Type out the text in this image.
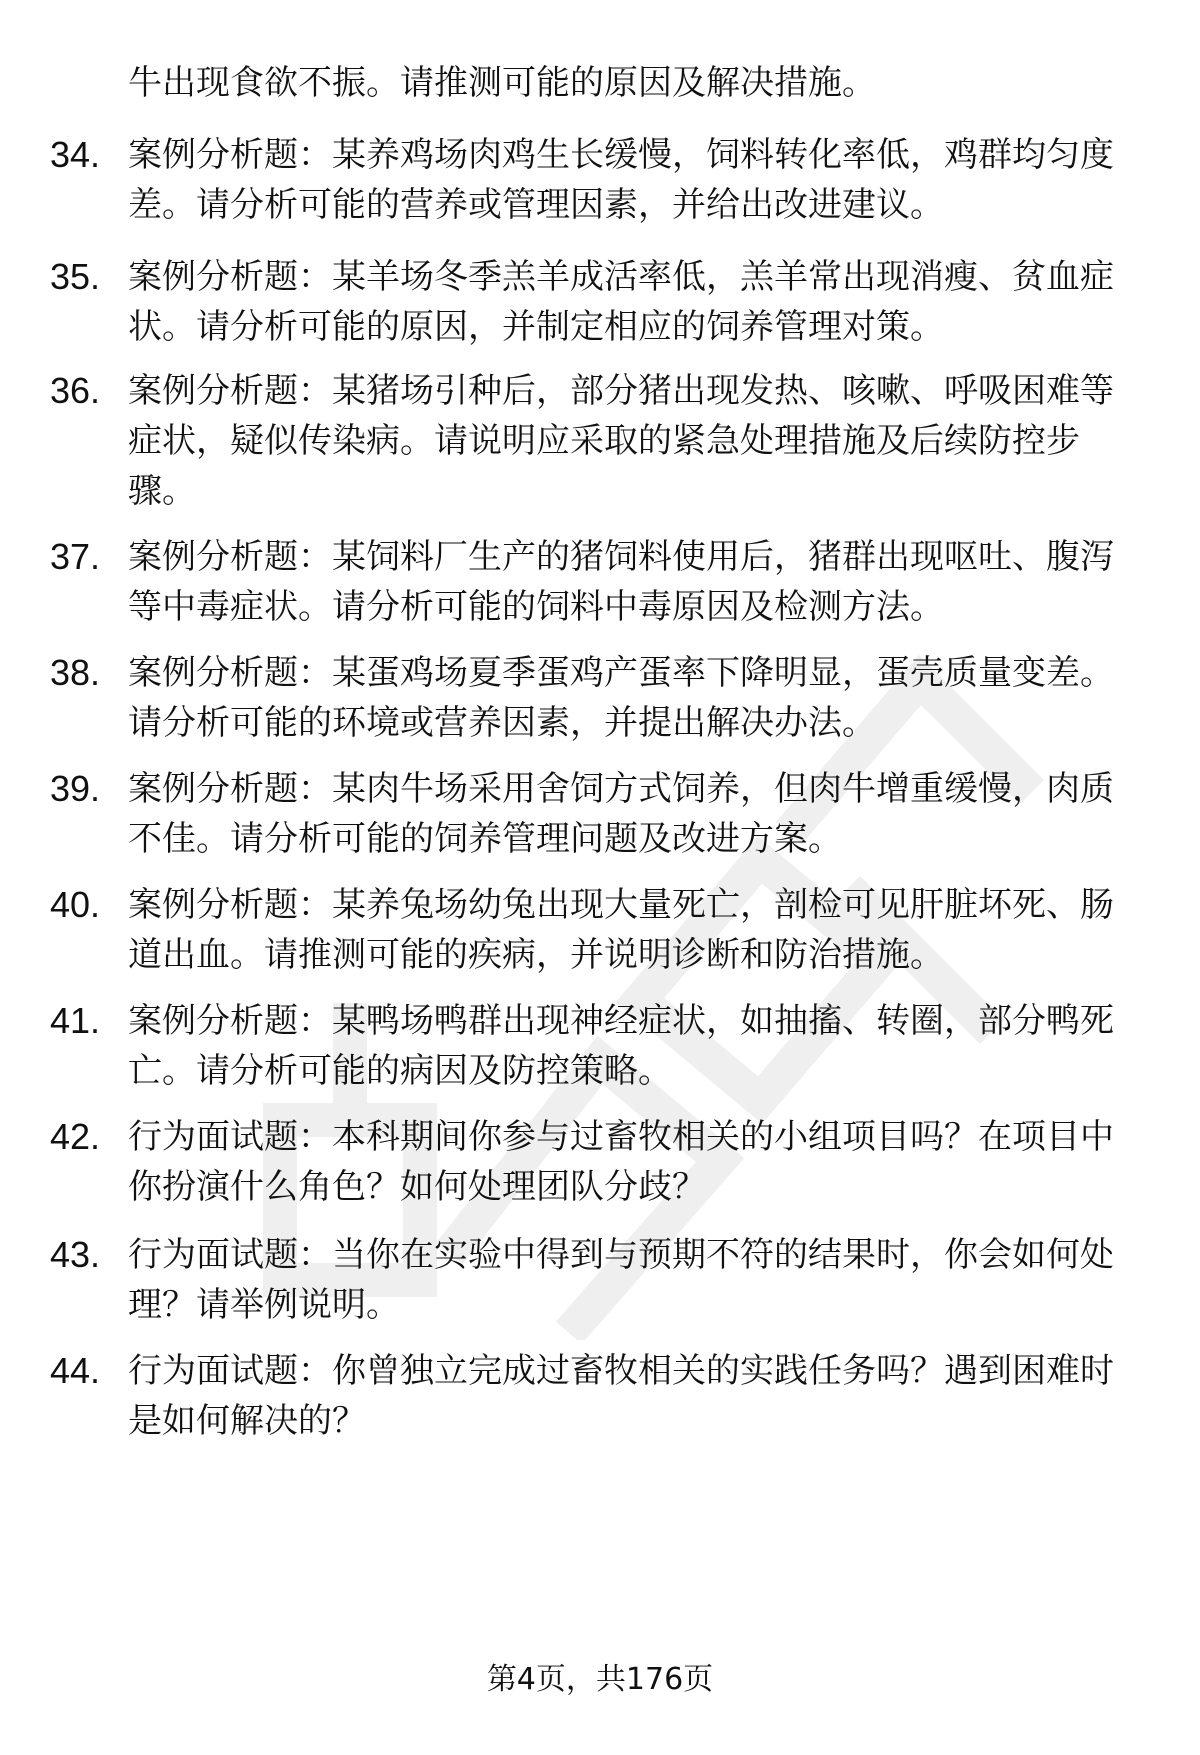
牛出现食欲不振。请推测可能的原因及解决措施。
34. 案例分析题：某养鸡场肉鸡生长缓慢，饲料转化率低，鸡群均匀度差。请分析可能的营养或管理因素，并给出改进建议。
35. 案例分析题：某羊场冬季羔羊成活率低，羔羊常出现消瘦、贫血症状。请分析可能的原因，并制定相应的饲养管理对策。
36. 案例分析题：某猪场引种后，部分猪出现发热、咳嗽、呼吸困难等症状，疑似传染病。请说明应采取的紧急处理措施及后续防控步骤。
37. 案例分析题：某饲料厂生产的猪饲料使用后，猪群出现呕吐、腹泻等中毒症状。请分析可能的饲料中毒原因及检测方法。
38. 案例分析题：某蛋鸡场夏季蛋鸡产蛋率下降明显，蛋壳质量变差。请分析可能的环境或营养因素，并提出解决办法。
39. 案例分析题：某肉牛场采用舍饲方式饲养，但肉牛增重缓慢，肉质不佳。请分析可能的饲养管理问题及改进方案。
40. 案例分析题：某养兔场幼兔出现大量死亡，剖检可见肝脏坏死、肠道出血。请推测可能的疾病，并说明诊断和防治措施。
41. 案例分析题：某鸭场鸭群出现神经症状，如抽搐、转圈，部分鸭死亡。请分析可能的病因及防控策略。
42. 行为面试题：本科期间你参与过畜牧相关的小组项目吗？在项目中你扮演什么角色？如何处理团队分歧？
43. 行为面试题：当你在实验中得到与预期不符的结果时，你会如何处理？请举例说明。
44. 行为面试题：你曾独立完成过畜牧相关的实践任务吗？遇到困难时是如何解决的？
第4页，共176页
